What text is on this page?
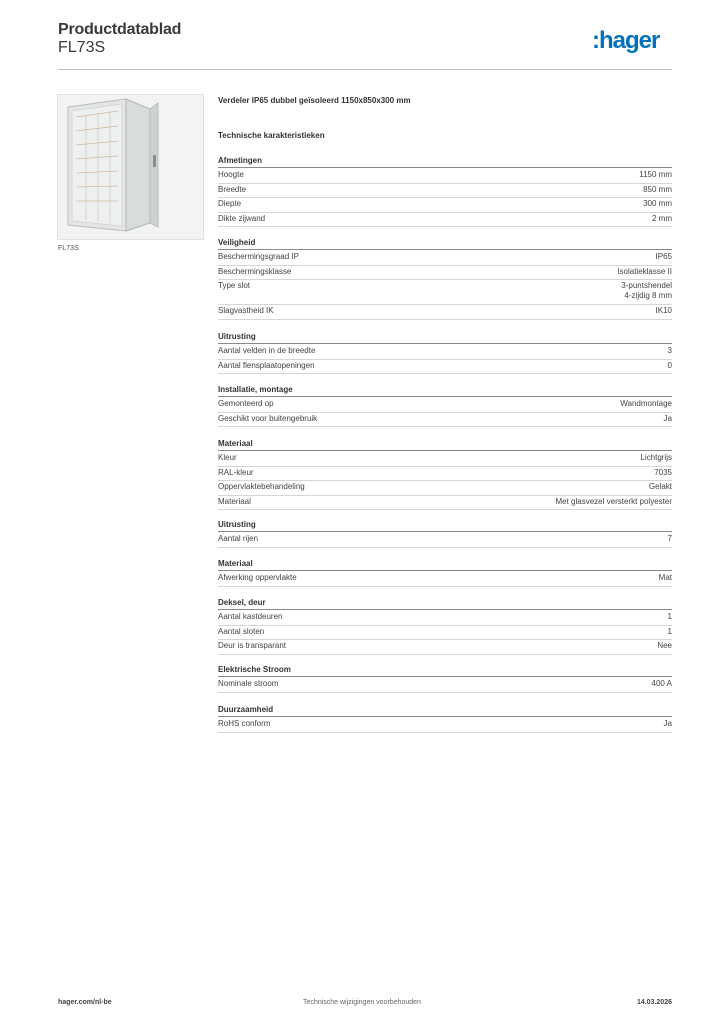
Productdatablad
FL73S	:hager
FL73S
Verdeler IP65 dubbel geïsoleerd 1150x850x300 mm
Technische karakteristieken
Afmetingen
Hoogte	1150 mm
Breedte	850 mm
Diepte	300 mm
Dikte zijwand	2 mm
Veiligheid
Beschermingsgraad IP	IP65
Beschermingsklasse	Isolatieklasse II
Type slot	3-puntshendel
4-zijdig 8 mm
Slagvastheid IK	IK10
Uitrusting
Aantal velden in de breedte	3
Aantal flensplaatopeningen	0
Installatie, montage
Gemonteerd op	Wandmontage
Geschikt voor buitengebruik	Ja
Materiaal
Kleur	Lichtgrijs
RAL-kleur	7035
Oppervlaktebehandeling	Gelakt
Materiaal	Met glasvezel versterkt polyester
Uitrusting
Aantal rijen	7
Materiaal
Afwerking oppervlakte	Mat
Deksel, deur
Aantal kastdeuren	1
Aantal sloten	1
Deur is transparant	Nee
Elektrische Stroom
Nominale stroom	400 A
Duurzaamheid
RoHS conform	Ja
hager.com/nl-be	Technische wijzigingen voorbehouden	14.03.2026
